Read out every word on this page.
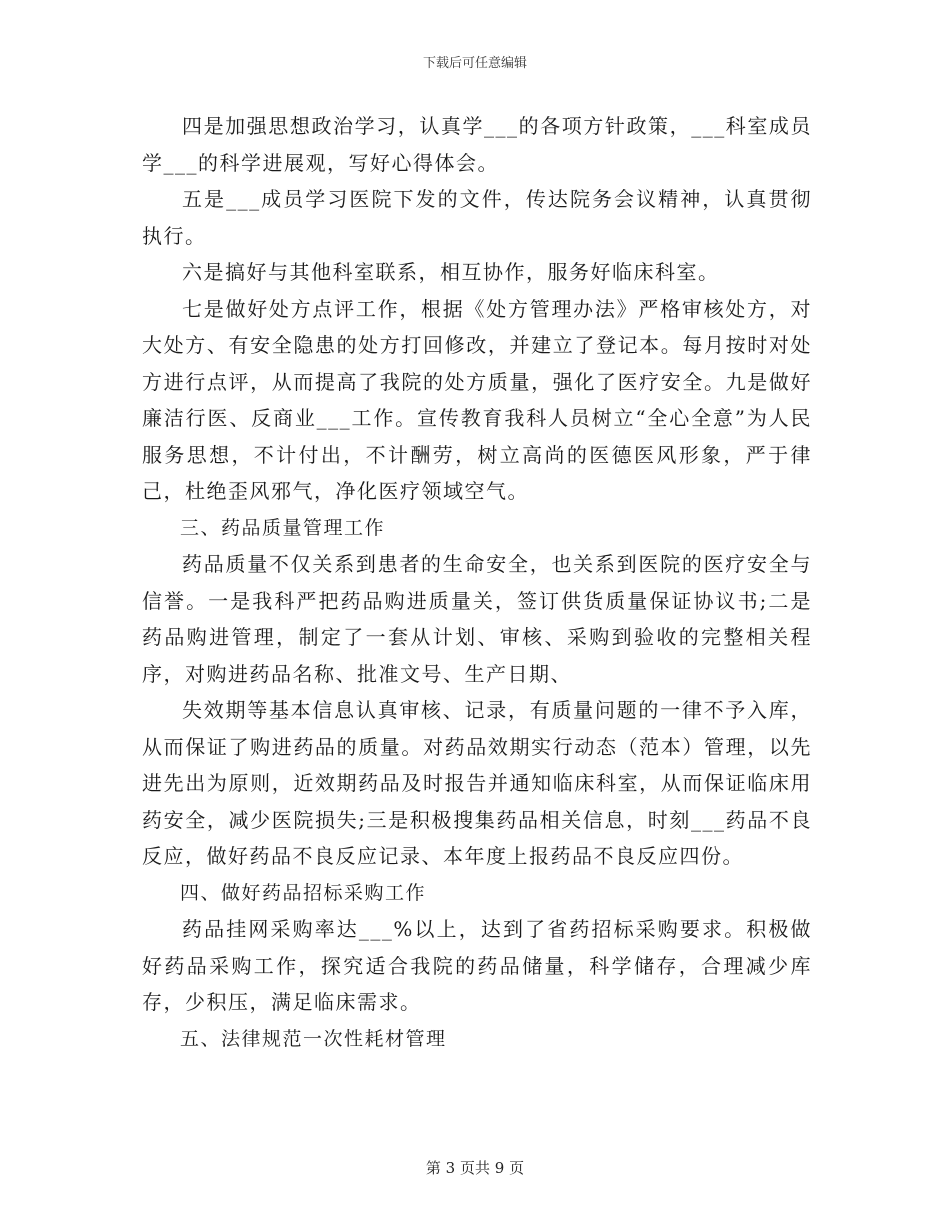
下载后可任意编辑

四是加强思想政治学习，认真学___的各项方针政策，___科室成员学___的科学进展观，写好心得体会。

五是___成员学习医院下发的文件，传达院务会议精神，认真贯彻执行。

六是搞好与其他科室联系，相互协作，服务好临床科室。

七是做好处方点评工作，根据《处方管理办法》严格审核处方，对大处方、有安全隐患的处方打回修改，并建立了登记本。每月按时对处方进行点评，从而提高了我院的处方质量，强化了医疗安全。九是做好廉洁行医、反商业___工作。宣传教育我科人员树立“全心全意”为人民服务思想，不计付出，不计酬劳，树立高尚的医德医风形象，严于律己，杜绝歪风邪气，净化医疗领域空气。

三、药品质量管理工作

药品质量不仅关系到患者的生命安全，也关系到医院的医疗安全与信誉。一是我科严把药品购进质量关，签订供货质量保证协议书;二是药品购进管理，制定了一套从计划、审核、采购到验收的完整相关程序，对购进药品名称、批准文号、生产日期、

失效期等基本信息认真审核、记录，有质量问题的一律不予入库，从而保证了购进药品的质量。对药品效期实行动态（范本）管理，以先进先出为原则，近效期药品及时报告并通知临床科室，从而保证临床用药安全，减少医院损失;三是积极搜集药品相关信息，时刻___药品不良反应，做好药品不良反应记录、本年度上报药品不良反应四份。

四、做好药品招标采购工作

药品挂网采购率达___%以上，达到了省药招标采购要求。积极做好药品采购工作，探究适合我院的药品储量，科学储存，合理减少库存，少积压，满足临床需求。

五、法律规范一次性耗材管理

第 3 页共 9 页
